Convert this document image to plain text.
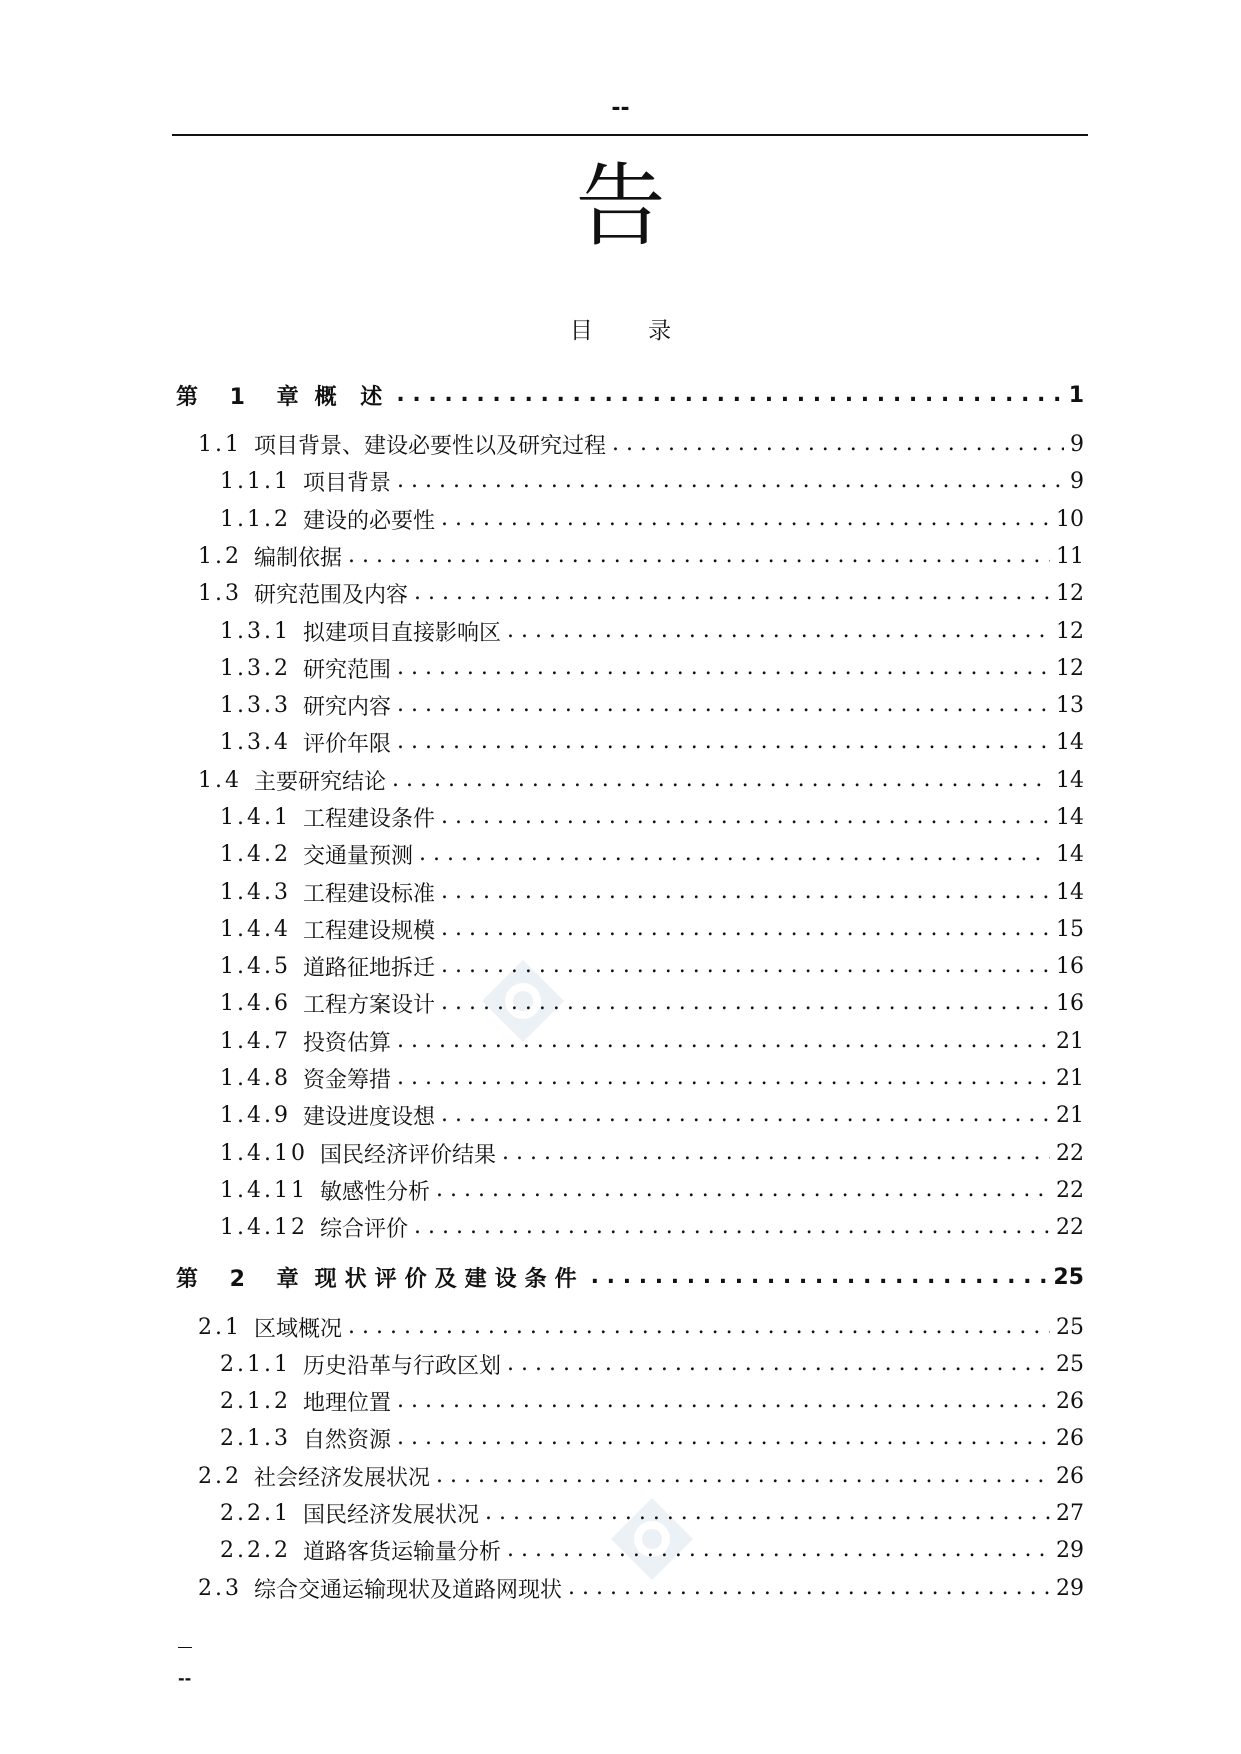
--
告
目 录
第 1 章 概 述 . . .	1
1.1 项目背景、建设必要性以及研究过程 . . .	9
1.1.1 项目背景 . . .	9
1.1.2 建设的必要性 . . .	10
1.2 编制依据 . . .	11
1.3 研究范围及内容 . . .	12
1.3.1 拟建项目直接影响区 . . .	12
1.3.2 研究范围 . . .	12
1.3.3 研究内容 . . .	13
1.3.4 评价年限 . . .	14
1.4 主要研究结论 . . .	14
1.4.1 工程建设条件 . . .	14
1.4.2 交通量预测 . . .	14
1.4.3 工程建设标准 . . .	14
1.4.4 工程建设规模 . . .	15
1.4.5 道路征地拆迁 . . .	16
1.4.6 工程方案设计 . . .	16
1.4.7 投资估算 . . .	21
1.4.8 资金筹措 . . .	21
1.4.9 建设进度设想 . . .	21
1.4.10 国民经济评价结果 . . .	22
1.4.11 敏感性分析 . . .	22
1.4.12 综合评价 . . .	22
第 2 章 现状评价及建设条件 . . .	25
2.1 区域概况 . . .	25
2.1.1 历史沿革与行政区划 . . .	25
2.1.2 地理位置 . . .	26
2.1.3 自然资源 . . .	26
2.2 社会经济发展状况 . . .	26
2.2.1 国民经济发展状况 . . .	27
2.2.2 道路客货运输量分析 . . .	29
2.3 综合交通运输现状及道路网现状 . . .	29
--
